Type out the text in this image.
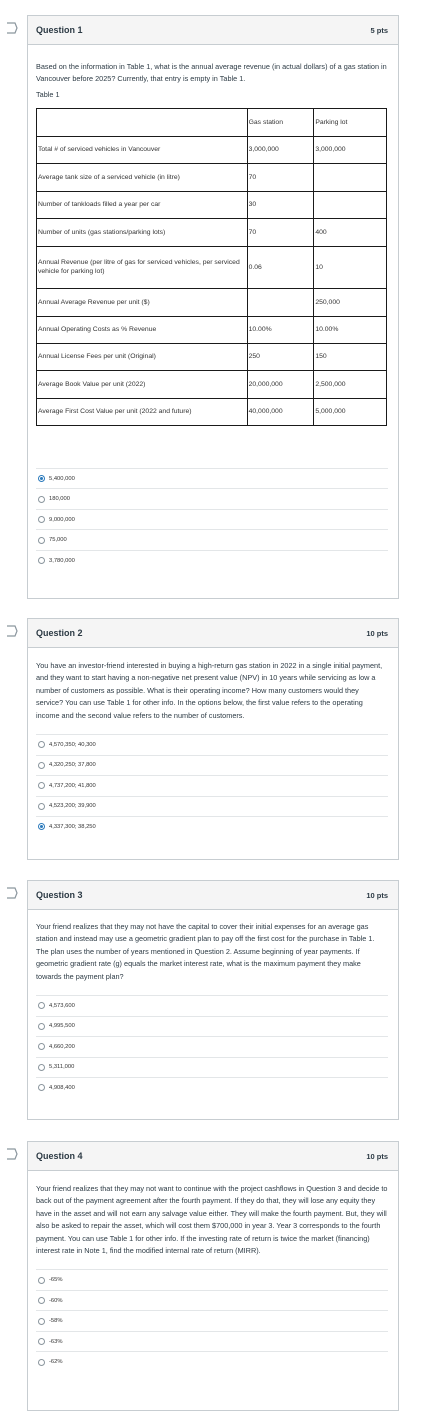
Question 1	5 pts

Based on the information in Table 1, what is the annual average revenue (in actual dollars) of a gas station in Vancouver before 2025? Currently, that entry is empty in Table 1.

Table 1
	Gas station	Parking lot
Total # of serviced vehicles in Vancouver	3,000,000	3,000,000
Average tank size of a serviced vehicle (in litre)	70	
Number of tankloads filled a year per car	30	
Number of units (gas stations/parking lots)	70	400
Annual Revenue (per litre of gas for serviced vehicles, per serviced vehicle for parking lot)	0.06	10
Annual Average Revenue per unit ($)		250,000
Annual Operating Costs as % Revenue	10.00%	10.00%
Annual License Fees per unit (Original)	250	150
Average Book Value per unit (2022)	20,000,000	2,500,000
Average First Cost Value per unit (2022 and future)	40,000,000	5,000,000
5,400,000
180,000
9,000,000
75,000
3,780,000
Question 2	10 pts

You have an investor-friend interested in buying a high-return gas station in 2022 in a single initial payment, and they want to start having a non-negative net present value (NPV) in 10 years while servicing as low a number of customers as possible. What is their operating income? How many customers would they service? You can use Table 1 for other info. In the options below, the first value refers to the operating income and the second value refers to the number of customers.

4,570,350; 40,300
4,320,250; 37,800
4,737,200; 41,800
4,523,200; 39,900
4,337,300; 38,250
Question 3	10 pts

Your friend realizes that they may not have the capital to cover their initial expenses for an average gas station and instead may use a geometric gradient plan to pay off the first cost for the purchase in Table 1. The plan uses the number of years mentioned in Question 2. Assume beginning of year payments. If geometric gradient rate (g) equals the market interest rate, what is the maximum payment they make towards the payment plan?

4,573,600
4,995,500
4,660,200
5,311,000
4,908,400
Question 4	10 pts

Your friend realizes that they may not want to continue with the project cashflows in Question 3 and decide to back out of the payment agreement after the fourth payment. If they do that, they will lose any equity they have in the asset and will not earn any salvage value either. They will make the fourth payment. But, they will also be asked to repair the asset, which will cost them $700,000 in year 3. Year 3 corresponds to the fourth payment. You can use Table 1 for other info. If the investing rate of return is twice the market (financing) interest rate in Note 1, find the modified internal rate of return (MIRR).

-65%
-60%
-58%
-63%
-62%
